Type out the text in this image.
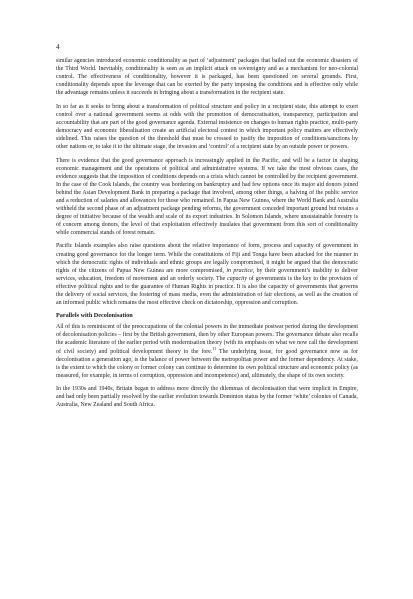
4

similar agencies introduced economic conditionality as part of ‘adjustment’ packages that bailed out the economic disasters of the Third World. Inevitably, conditionality is seen as an implicit attack on sovereignty and as a mechanism for neo-colonial control. The effectiveness of conditionality, however it is packaged, has been questioned on several grounds. First, conditionality depends upon the leverage that can be exerted by the party imposing the conditions and is effective only while the advantage remains unless it succeeds in bringing about a transformation in the recipient state.

In so far as it seeks to bring about a transformation of political structure and policy in a recipient state, this attempt to exert control over a national government seems at odds with the promotion of democratisation, transparency, participation and accountability that are part of the good governance agenda. External insistence on changes to human rights practice, multi-party democracy and economic liberalisation create an artificial electoral contest in which important policy matters are effectively sidelined. This raises the question of the threshold that must be crossed to justify the imposition of conditions/sanctions by other nations or, to take it to the ultimate stage, the invasion and ‘control’ of a recipient state by an outside power or powers.

There is evidence that the good governance approach is increasingly applied in the Pacific, and will be a factor in shaping economic management and the operations of political and administrative systems. If we take the most obvious cases, the evidence suggests that the imposition of conditions depends on a crisis which cannot be controlled by the recipient government. In the case of the Cook Islands, the country was bordering on bankruptcy and had few options once its major aid donors joined behind the Asian Development Bank in preparing a package that involved, among other things, a halving of the public service and a reduction of salaries and allowances for those who remained. In Papua New Guinea, where the World Bank and Australia withheld the second phase of an adjustment package pending reforms, the government conceded important ground but retains a degree of initiative because of the wealth and scale of its export industries. In Solomon Islands, where unsustainable forestry is of concern among donors, the level of that exploitation effectively insulates that government from this sort of conditionality while commercial stands of forest remain.

Pacific Islands examples also raise questions about the relative importance of form, process and capacity of government in creating good governance for the longer term. While the constitutions of Fiji and Tonga have been attacked for the manner in which the democratic rights of individuals and ethnic groups are legally compromised, it might be argued that the democratic rights of the citizens of Papua New Guinea are more compromised, in practice, by their government’s inability to deliver services, education, freedom of movement and an orderly society. The capacity of governments is the key to the provision of effective political rights and to the guarantee of Human Rights in practice. It is also the capacity of governments that governs the delivery of social services, the fostering of mass media, even the administration of fair elections, as well as the creation of an informed public which remains the most effective check on dictatorship, oppression and corruption.

Parallels with Decolonisation

All of this is reminiscent of the preoccupations of the colonial powers in the immediate postwar period during the development of decolonisation policies – first by the British government, then by other European powers. The governance debate also recalls the academic literature of the earlier period with modernisation theory (with its emphasis on what we now call the development of civil society) and political development theory to the fore.$^{11}$ The underlying issue, for good governance now as for decolonisation a generation ago, is the balance of power between the metropolitan power and the former dependency. At stake, is the extent to which the colony or former colony can continue to determine its own political structure and economic policy (as measured, for example, in terms of corruption, oppression and incompetence) and, ultimately, the shape of its own society.

In the 1930s and 1940s, Britain began to address more directly the dilemmas of decolonisation that were implicit in Empire, and had only been partially resolved by the earlier evolution towards Dominion status by the former ‘white’ colonies of Canada, Australia, New Zealand and South Africa.
